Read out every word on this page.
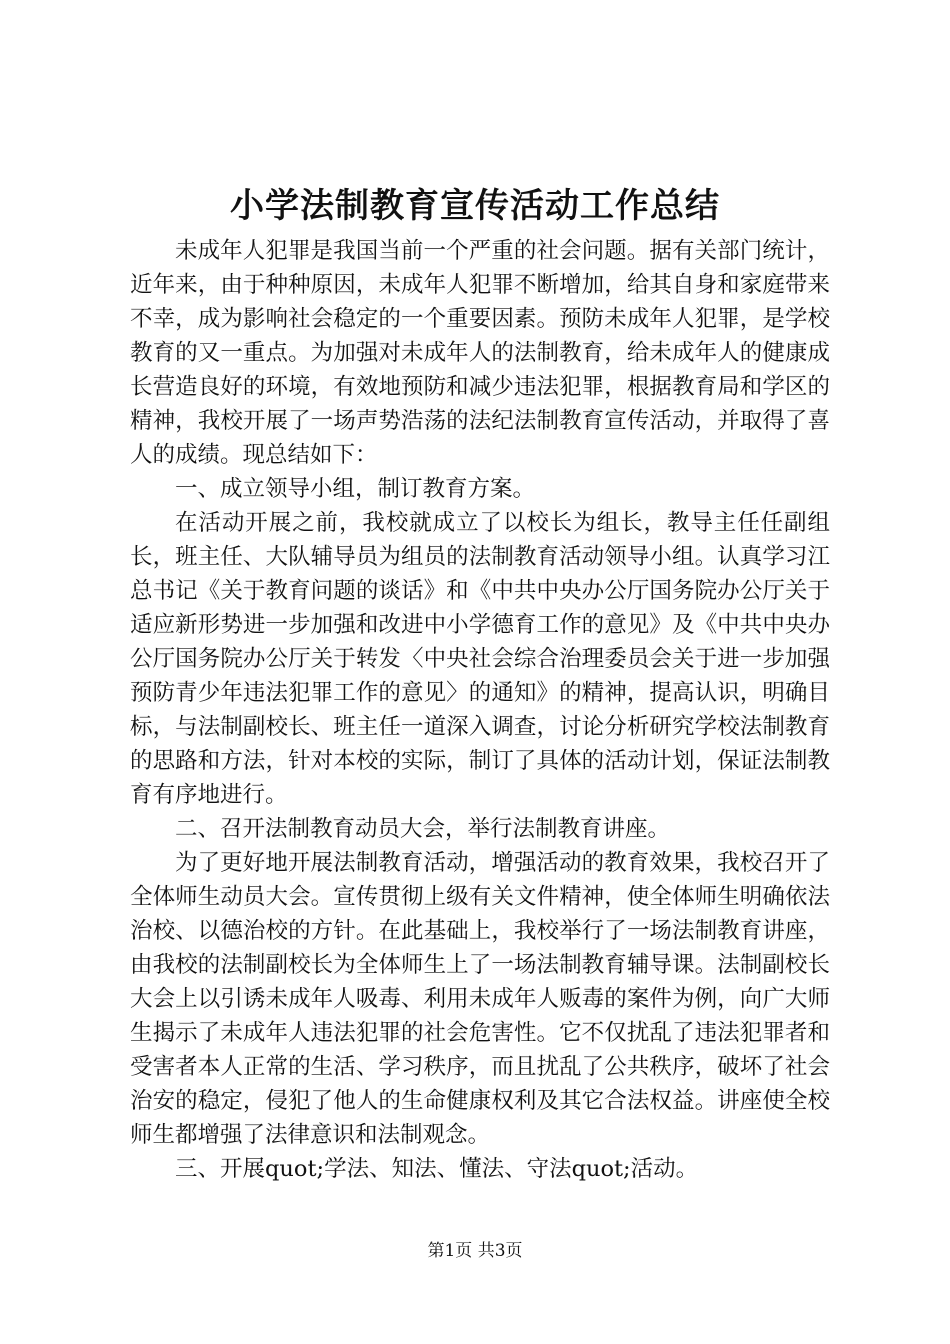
小学法制教育宣传活动工作总结

未成年人犯罪是我国当前一个严重的社会问题。据有关部门统计，近年来，由于种种原因，未成年人犯罪不断增加，给其自身和家庭带来不幸，成为影响社会稳定的一个重要因素。预防未成年人犯罪，是学校教育的又一重点。为加强对未成年人的法制教育，给未成年人的健康成长营造良好的环境，有效地预防和减少违法犯罪，根据教育局和学区的精神，我校开展了一场声势浩荡的法纪法制教育宣传活动，并取得了喜人的成绩。现总结如下：

一、成立领导小组，制订教育方案。

在活动开展之前，我校就成立了以校长为组长，教导主任任副组长，班主任、大队辅导员为组员的法制教育活动领导小组。认真学习江总书记《关于教育问题的谈话》和《中共中央办公厅国务院办公厅关于适应新形势进一步加强和改进中小学德育工作的意见》及《中共中央办公厅国务院办公厅关于转发〈中央社会综合治理委员会关于进一步加强预防青少年违法犯罪工作的意见〉的通知》的精神，提高认识，明确目标，与法制副校长、班主任一道深入调查，讨论分析研究学校法制教育的思路和方法，针对本校的实际，制订了具体的活动计划，保证法制教育有序地进行。

二、召开法制教育动员大会，举行法制教育讲座。

为了更好地开展法制教育活动，增强活动的教育效果，我校召开了全体师生动员大会。宣传贯彻上级有关文件精神，使全体师生明确依法治校、以德治校的方针。在此基础上，我校举行了一场法制教育讲座，由我校的法制副校长为全体师生上了一场法制教育辅导课。法制副校长大会上以引诱未成年人吸毒、利用未成年人贩毒的案件为例，向广大师生揭示了未成年人违法犯罪的社会危害性。它不仅扰乱了违法犯罪者和受害者本人正常的生活、学习秩序，而且扰乱了公共秩序，破坏了社会治安的稳定，侵犯了他人的生命健康权利及其它合法权益。讲座使全校师生都增强了法律意识和法制观念。

三、开展quot;学法、知法、懂法、守法quot;活动。

第1页 共3页
